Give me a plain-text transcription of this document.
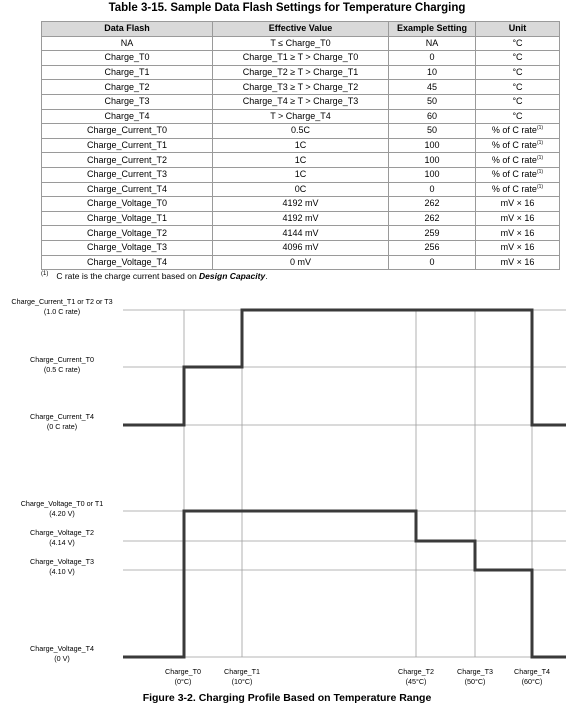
Table 3-15. Sample Data Flash Settings for Temperature Charging
Data Flash	Effective Value	Example Setting	Unit
NA	T ≤ Charge_T0	NA	°C
Charge_T0	Charge_T1 ≥ T > Charge_T0	0	°C
Charge_T1	Charge_T2 ≥ T > Charge_T1	10	°C
Charge_T2	Charge_T3 ≥ T > Charge_T2	45	°C
Charge_T3	Charge_T4 ≥ T > Charge_T3	50	°C
Charge_T4	T > Charge_T4	60	°C
Charge_Current_T0	0.5C	50	% of C rate$^{(1)}$
Charge_Current_T1	1C	100	% of C rate$^{(1)}$
Charge_Current_T2	1C	100	% of C rate$^{(1)}$
Charge_Current_T3	1C	100	% of C rate$^{(1)}$
Charge_Current_T4	0C	0	% of C rate$^{(1)}$
Charge_Voltage_T0	4192 mV	262	mV × 16
Charge_Voltage_T1	4192 mV	262	mV × 16
Charge_Voltage_T2	4144 mV	259	mV × 16
Charge_Voltage_T3	4096 mV	256	mV × 16
Charge_Voltage_T4	0 mV	0	mV × 16
$^{(1)}$ C rate is the charge current based on Design Capacity.
Charge_Current_T1 or T2 or T3
(1.0 C rate)
Charge_Current_T0
(0.5 C rate)
Charge_Current_T4
(0 C rate)
Charge_Voltage_T0 or T1
(4.20 V)
Charge_Voltage_T2
(4.14 V)
Charge_Voltage_T3
(4.10 V)
Charge_Voltage_T4
(0 V)
Charge_T0
(0°C)
Charge_T1
(10°C)
Charge_T2
(45°C)
Charge_T3
(50°C)
Charge_T4
(60°C)
Figure 3-2. Charging Profile Based on Temperature Range
